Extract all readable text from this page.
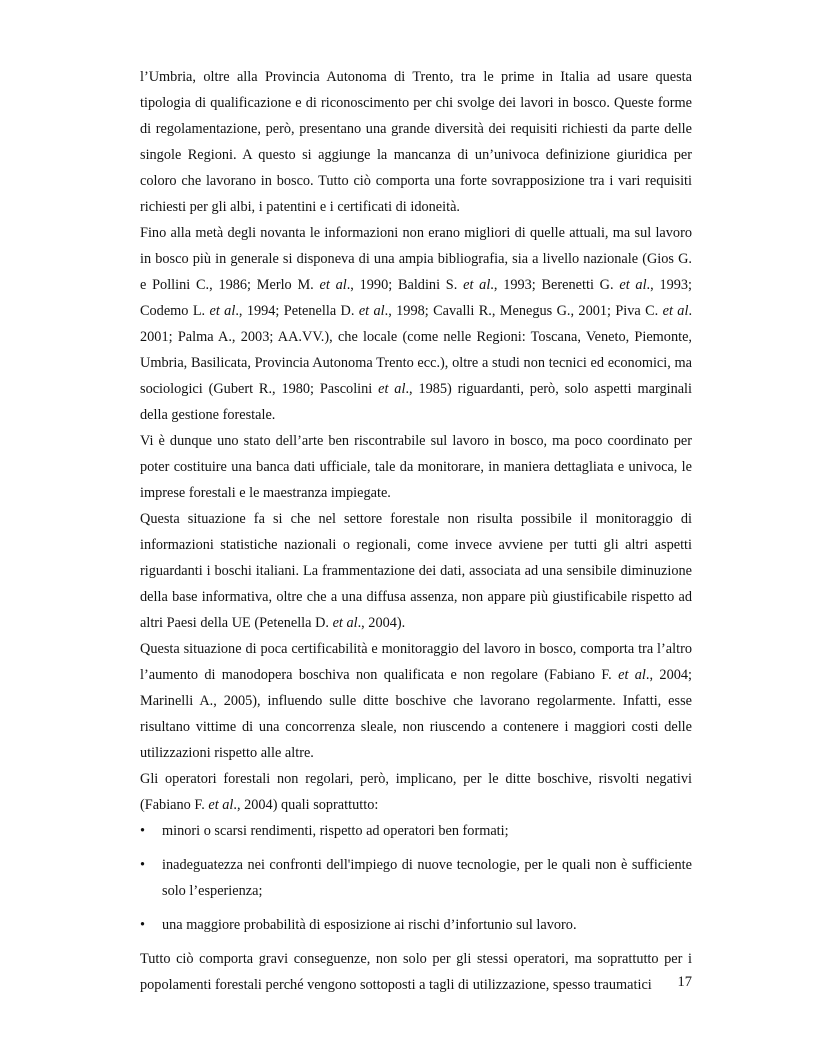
l’Umbria, oltre alla Provincia Autonoma di Trento, tra le prime in Italia ad usare questa tipologia di qualificazione e di riconoscimento per chi svolge dei lavori in bosco. Queste forme di regolamentazione, però, presentano una grande diversità dei requisiti richiesti da parte delle singole Regioni. A questo si aggiunge la mancanza di un’univoca definizione giuridica per coloro che lavorano in bosco. Tutto ciò comporta una forte sovrapposizione tra i vari requisiti richiesti per gli albi, i patentini e i certificati di idoneità.

Fino alla metà degli novanta le informazioni non erano migliori di quelle attuali, ma sul lavoro in bosco più in generale si disponeva di una ampia bibliografia, sia a livello nazionale (Gios G. e Pollini C., 1986; Merlo M. et al., 1990; Baldini S. et al., 1993; Berenetti G. et al., 1993; Codemo L. et al., 1994; Petenella D. et al., 1998; Cavalli R., Menegus G., 2001; Piva C. et al. 2001; Palma A., 2003; AA.VV.), che locale (come nelle Regioni: Toscana, Veneto, Piemonte, Umbria, Basilicata, Provincia Autonoma Trento ecc.), oltre a studi non tecnici ed economici, ma sociologici (Gubert R., 1980; Pascolini et al., 1985) riguardanti, però, solo aspetti marginali della gestione forestale.

Vi è dunque uno stato dell’arte ben riscontrabile sul lavoro in bosco, ma poco coordinato per poter costituire una banca dati ufficiale, tale da monitorare, in maniera dettagliata e univoca, le imprese forestali e le maestranza impiegate.

Questa situazione fa si che nel settore forestale non risulta possibile il monitoraggio di informazioni statistiche nazionali o regionali, come invece avviene per tutti gli altri aspetti riguardanti i boschi italiani. La frammentazione dei dati, associata ad una sensibile diminuzione della base informativa, oltre che a una diffusa assenza, non appare più giustificabile rispetto ad altri Paesi della UE (Petenella D. et al., 2004).

Questa situazione di poca certificabilità e monitoraggio del lavoro in bosco, comporta tra l’altro l’aumento di manodopera boschiva non qualificata e non regolare (Fabiano F. et al., 2004; Marinelli A., 2005), influendo sulle ditte boschive che lavorano regolarmente. Infatti, esse risultano vittime di una concorrenza sleale, non riuscendo a contenere i maggiori costi delle utilizzazioni rispetto alle altre.

Gli operatori forestali non regolari, però, implicano, per le ditte boschive, risvolti negativi (Fabiano F. et al., 2004) quali soprattutto:

• minori o scarsi rendimenti, rispetto ad operatori ben formati;
• inadeguatezza nei confronti dell'impiego di nuove tecnologie, per le quali non è sufficiente solo l’esperienza;
• una maggiore probabilità di esposizione ai rischi d’infortunio sul lavoro.

Tutto ciò comporta gravi conseguenze, non solo per gli stessi operatori, ma soprattutto per i popolamenti forestali perché vengono sottoposti a tagli di utilizzazione, spesso traumatici	17
